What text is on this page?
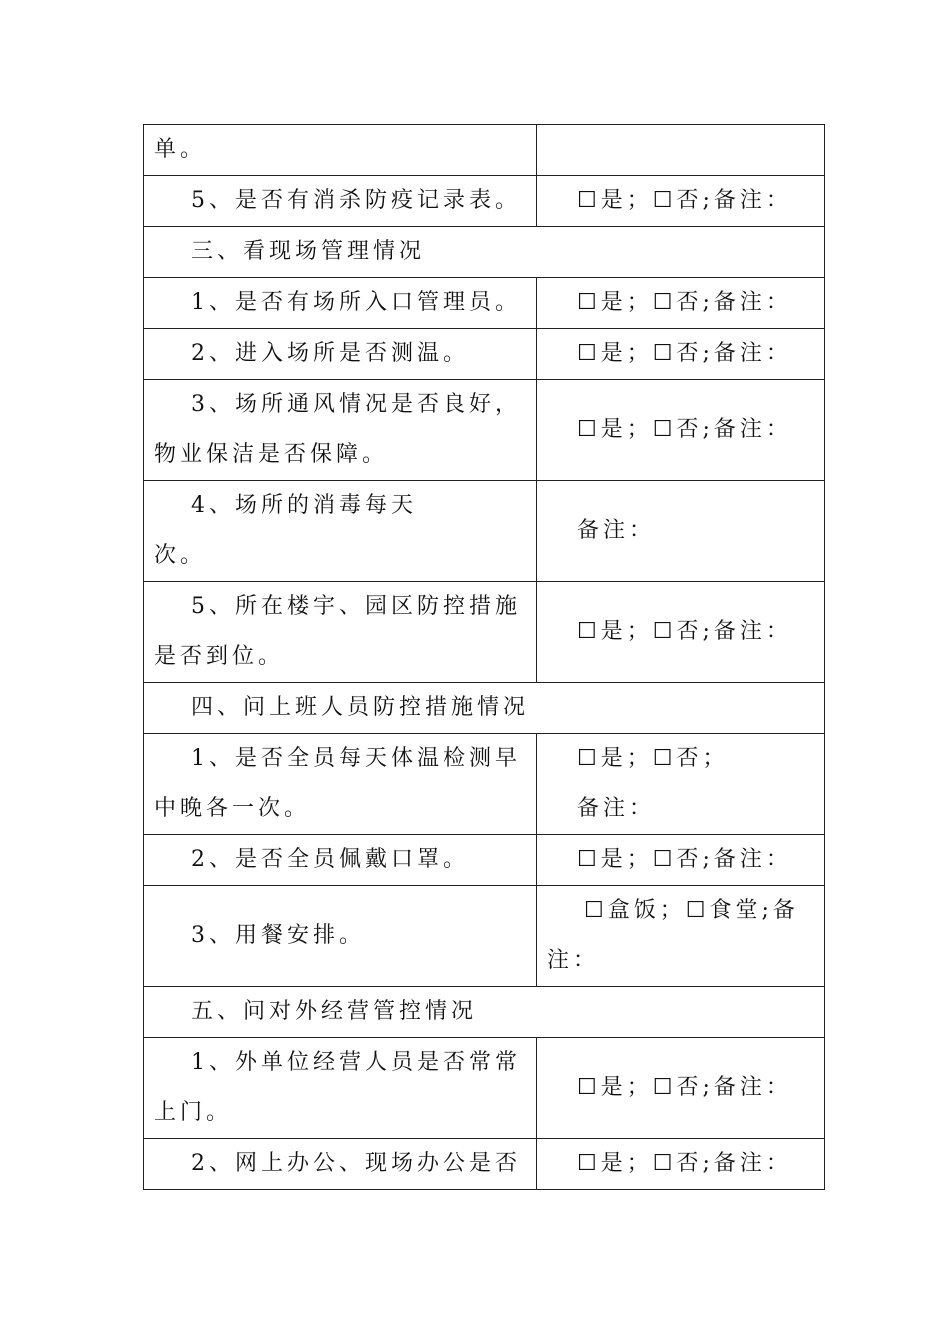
单。	

5、是否有消杀防疫记录表。	☐是；☐否;备注：

三、看现场管理情况	

1、是否有场所入口管理员。	☐是；☐否;备注：

2、进入场所是否测温。	☐是；☐否;备注：

3、场所通风情况是否良好，
物业保洁是否保障。	☐是；☐否;备注：

4、场所的消毒每天
次。	备注：

5、所在楼宇、园区防控措施
是否到位。	☐是；☐否;备注：

四、问上班人员防控措施情况	

1、是否全员每天体温检测早
中晚各一次。	☐是；☐否；
备注：

2、是否全员佩戴口罩。	☐是；☐否;备注：

3、用餐安排。	☐盒饭；☐食堂;备
注：

五、问对外经营管控情况	

1、外单位经营人员是否常常
上门。	☐是；☐否;备注：

2、网上办公、现场办公是否	☐是；☐否;备注：
